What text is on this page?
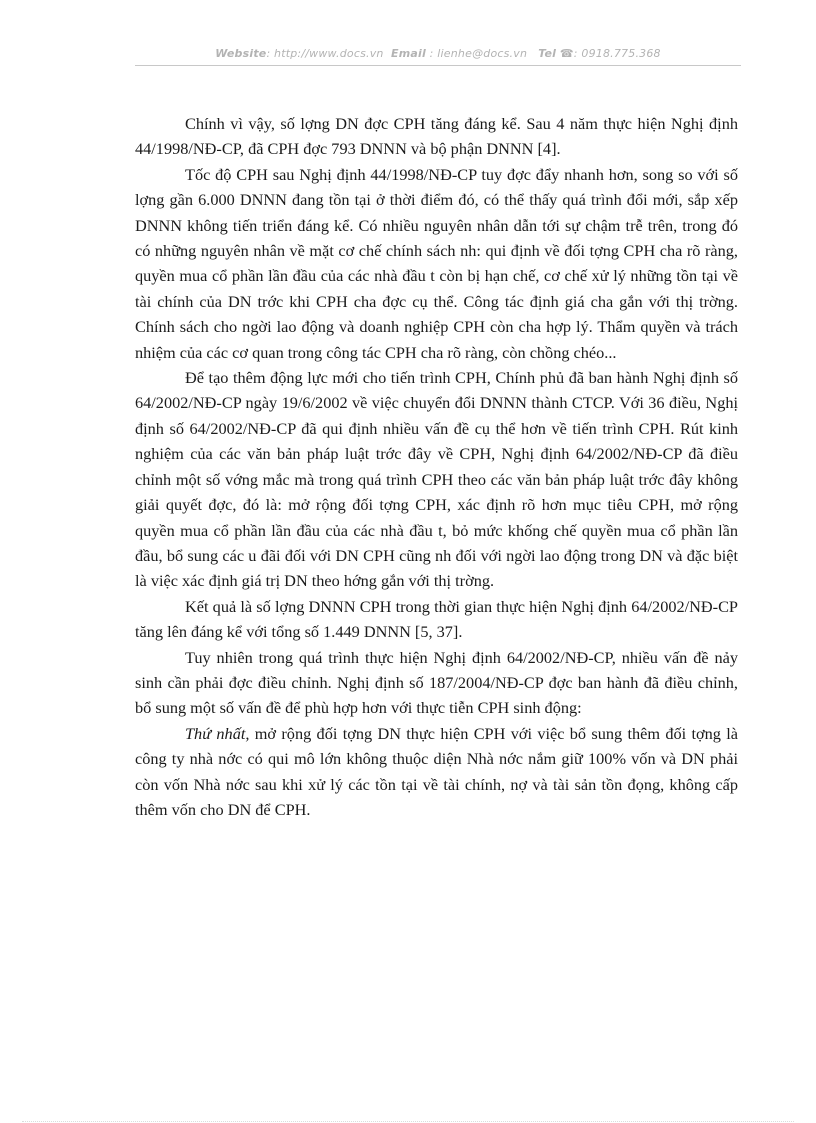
Website: http://www.docs.vn Email : lienhe@docs.vn Tel ☎: 0918.775.368

Chính vì vậy, số lợng DN đợc CPH tăng đáng kể. Sau 4 năm thực hiện Nghị định 44/1998/NĐ-CP, đã CPH đợc 793 DNNN và bộ phận DNNN [4].

Tốc độ CPH sau Nghị định 44/1998/NĐ-CP tuy đợc đẩy nhanh hơn, song so với số lợng gần 6.000 DNNN đang tồn tại ở thời điểm đó, có thể thấy quá trình đổi mới, sắp xếp DNNN không tiến triển đáng kể. Có nhiều nguyên nhân dẫn tới sự chậm trễ trên, trong đó có những nguyên nhân về mặt cơ chế chính sách nh: qui định về đối tợng CPH cha rõ ràng, quyền mua cổ phần lần đầu của các nhà đầu t còn bị hạn chế, cơ chế xử lý những tồn tại về tài chính của DN trớc khi CPH cha đợc cụ thể. Công tác định giá cha gắn với thị trờng. Chính sách cho ngời lao động và doanh nghiệp CPH còn cha hợp lý. Thẩm quyền và trách nhiệm của các cơ quan trong công tác CPH cha rõ ràng, còn chồng chéo...

Để tạo thêm động lực mới cho tiến trình CPH, Chính phủ đã ban hành Nghị định số 64/2002/NĐ-CP ngày 19/6/2002 về việc chuyển đổi DNNN thành CTCP. Với 36 điều, Nghị định số 64/2002/NĐ-CP đã qui định nhiều vấn đề cụ thể hơn về tiến trình CPH. Rút kinh nghiệm của các văn bản pháp luật trớc đây về CPH, Nghị định 64/2002/NĐ-CP đã điều chỉnh một số vớng mắc mà trong quá trình CPH theo các văn bản pháp luật trớc đây không giải quyết đợc, đó là: mở rộng đối tợng CPH, xác định rõ hơn mục tiêu CPH, mở rộng quyền mua cổ phần lần đầu của các nhà đầu t, bỏ mức khống chế quyền mua cổ phần lần đầu, bổ sung các u đãi đối với DN CPH cũng nh đối với ngời lao động trong DN và đặc biệt là việc xác định giá trị DN theo hớng gắn với thị trờng.

Kết quả là số lợng DNNN CPH trong thời gian thực hiện Nghị định 64/2002/NĐ-CP tăng lên đáng kể với tổng số 1.449 DNNN [5, 37].

Tuy nhiên trong quá trình thực hiện Nghị định 64/2002/NĐ-CP, nhiều vấn đề nảy sinh cần phải đợc điều chỉnh. Nghị định số 187/2004/NĐ-CP đợc ban hành đã điều chỉnh, bổ sung một số vấn đề để phù hợp hơn với thực tiễn CPH sinh động:

Thứ nhất, mở rộng đối tợng DN thực hiện CPH với việc bổ sung thêm đối tợng là công ty nhà nớc có qui mô lớn không thuộc diện Nhà nớc nắm giữ 100% vốn và DN phải còn vốn Nhà nớc sau khi xử lý các tồn tại về tài chính, nợ và tài sản tồn đọng, không cấp thêm vốn cho DN để CPH.
